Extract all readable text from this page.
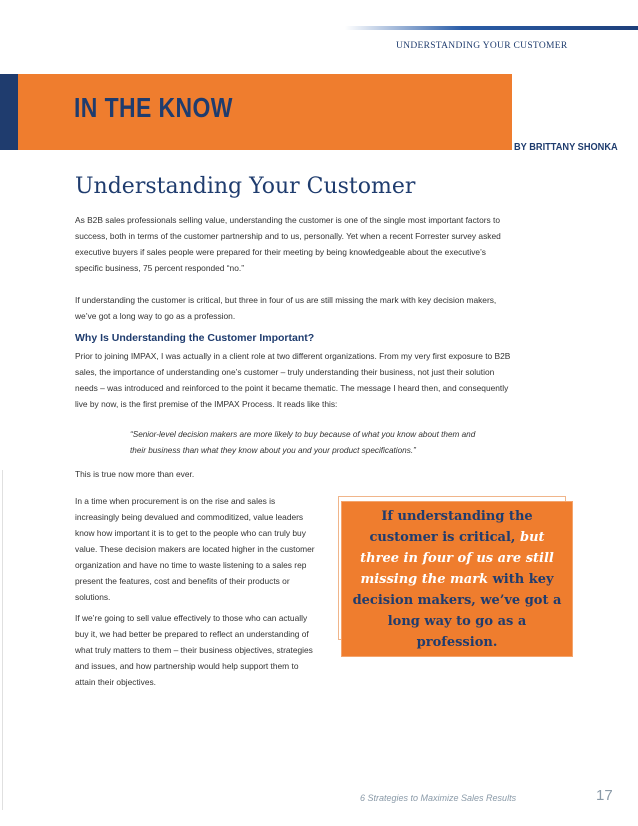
UNDERSTANDING YOUR CUSTOMER
IN THE KNOW
BY BRITTANY SHONKA
Understanding Your Customer

As B2B sales professionals selling value, understanding the customer is one of the single most important factors to success, both in terms of the customer partnership and to us, personally. Yet when a recent Forrester survey asked executive buyers if sales people were prepared for their meeting by being knowledgeable about the executive’s specific business, 75 percent responded “no.”

If understanding the customer is critical, but three in four of us are still missing the mark with key decision makers, we’ve got a long way to go as a profession.

Why Is Understanding the Customer Important?

Prior to joining IMPAX, I was actually in a client role at two different organizations. From my very first exposure to B2B sales, the importance of understanding one’s customer – truly understanding their business, not just their solution needs – was introduced and reinforced to the point it became thematic. The message I heard then, and consequently live by now, is the first premise of the IMPAX Process. It reads like this:

“Senior-level decision makers are more likely to buy because of what you know about them and their business than what they know about you and your product specifications.”

This is true now more than ever.

In a time when procurement is on the rise and sales is increasingly being devalued and commoditized, value leaders know how important it is to get to the people who can truly buy value. These decision makers are located higher in the customer organization and have no time to waste listening to a sales rep present the features, cost and benefits of their products or solutions.

If we’re going to sell value effectively to those who can actually buy it, we had better be prepared to reflect an understanding of what truly matters to them – their business objectives, strategies and issues, and how partnership would help support them to attain their objectives.

If understanding the customer is critical, but three in four of us are still missing the mark with key decision makers, we’ve got a long way to go as a profession.
6 Strategies to Maximize Sales Results	17
